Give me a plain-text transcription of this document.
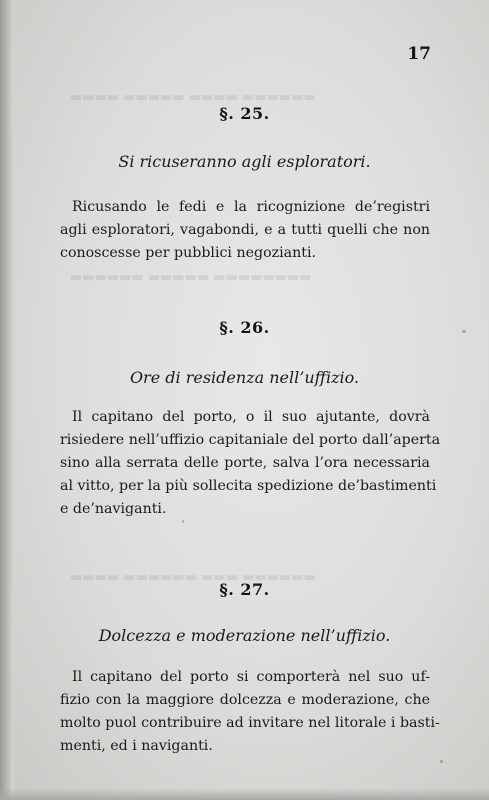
▬▬▬▬ ▬▬▬▬▬ ▬▬▬▬ ▬▬▬▬▬▬
▬▬▬▬▬▬ ▬▬▬▬▬ ▬▬▬▬▬▬▬▬
▬▬▬▬ ▬▬▬▬▬▬ ▬▬▬ ▬▬▬▬▬▬
17
§. 25.
Si ricuseranno agli esploratori.
Ricusando le fedi e la ricognizione de’registri
agli esploratori, vagabondi, e a tutti quelli che non
conoscesse per pubblici negozianti.
§. 26.
Ore di residenza nell’uffizio.
Il capitano del porto, o il suo ajutante, dovrà
risiedere nell’uffizio capitaniale del porto dall’aperta
sino alla serrata delle porte, salva l’ora necessaria
al vitto, per la più sollecita spedizione de’bastimenti
e de’naviganti.
§. 27.
Dolcezza e moderazione nell’uffizio.
Il capitano del porto si comporterà nel suo uf-
fizio con la maggiore dolcezza e moderazione, che
molto puol contribuire ad invitare nel litorale i basti-
menti, ed i naviganti.
